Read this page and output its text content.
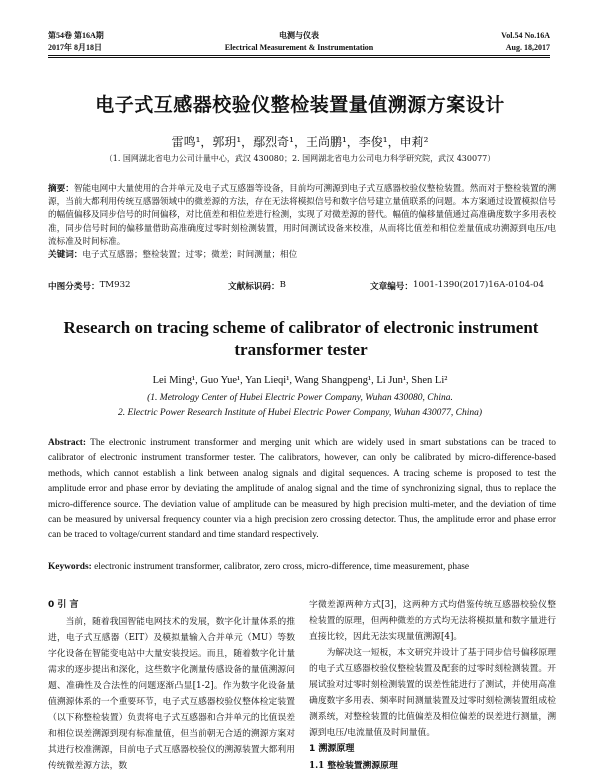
第54卷 第16A期
2017年 8月18日
电测与仪表
Electrical Measurement & Instrumentation
Vol.54 No.16A
Aug. 18,2017
电子式互感器校验仪整检装置量值溯源方案设计
雷鸣¹，郭玥¹，鄢烈奇¹，王尚鹏¹，李俊¹，申莉²
（1. 国网湖北省电力公司计量中心，武汉 430080；2. 国网湖北省电力公司电力科学研究院，武汉 430077）
摘要：智能电网中大量使用的合并单元及电子式互感器等设备，目前均可溯源到电子式互感器校验仪整检装置。然而对于整检装置的溯源，当前大都利用传统互感器领域中的微差源的方法，存在无法将模拟信号和数字信号建立量值联系的问题。本方案通过设置模拟信号的幅值偏移及同步信号的时间偏移，对比值差和相位差进行检测，实现了对微差源的替代。幅值的偏移量值通过高准确度数字多用表校准，同步信号时间的偏移量借助高准确度过零时刻检测装置，用时间测试设备来校准，从而将比值差和相位差量值成功溯源到电压/电流标准及时间标准。
关键词：电子式互感器；整检装置；过零；微差；时间测量；相位
中图分类号： TM932	文献标识码： B	文章编号： 1001-1390(2017)16A-0104-04
Research on tracing scheme of calibrator of electronic instrument transformer tester
Lei Ming¹, Guo Yue¹, Yan Lieqi¹, Wang Shangpeng¹, Li Jun¹, Shen Li²
(1. Metrology Center of Hubei Electric Power Company, Wuhan 430080, China.
2. Electric Power Research Institute of Hubei Electric Power Company, Wuhan 430077, China)
Abstract: The electronic instrument transformer and merging unit which are widely used in smart substations can be traced to calibrator of electronic instrument transformer tester. The calibrators, however, can only be calibrated by micro-difference-based methods, which cannot establish a link between analog signals and digital sequences. A tracing scheme is proposed to test the amplitude error and phase error by deviating the amplitude of analog signal and the time of synchronizing signal, thus to replace the micro-difference source. The deviation value of amplitude can be measured by high precision multi-meter, and the deviation of time can be measured by universal frequency counter via a high precision zero crossing detector. Thus, the amplitude error and phase error can be traced to voltage/current standard and time standard respectively.
Keywords: electronic instrument transformer, calibrator, zero cross, micro-difference, time measurement, phase
0 引 言

当前，随着我国智能电网技术的发展，数字化计量体系的推进，电子式互感器（EIT）及模拟量输入合并单元（MU）等数字化设备在智能变电站中大量安装投运。而且，随着数字化计量需求的逐步提出和深化，这些数字化测量传感设备的量值溯源问题、准确性及合法性的问题逐渐凸显[1-2]。作为数字化设备量值溯源体系的一个重要环节，电子式互感器校验仪整体检定装置（以下称整检装置）负责将电子式互感器和合并单元的比值误差和相位误差溯源到现有标准量值，但当前朝无合适的溯源方案对其进行校准溯源，目前电子式互感器校验仪的溯源装置大都利用传统微差源方法，数

字微差源两种方式[3]，这两种方式均借鉴传统互感器校验仪整检装置的原理，但两种微差的方式均无法将模拟量和数字量进行直接比较，因此无法实现量值溯源[4]。

为解决这一短板，本文研究并设计了基于同步信号偏移原理的电子式互感器校验仪整检装置及配套的过零时刻检测装置。开展试验对过零时刻检测装置的误差性能进行了测试，并使用高准确度数字多用表、频率时间测量装置及过零时刻检测装置组成检测系统，对整检装置的比值偏差及相位偏差的误差进行测量，溯源到电压/电流量值及时间量值。

1 溯源原理
1.1 整检装置溯源原理
